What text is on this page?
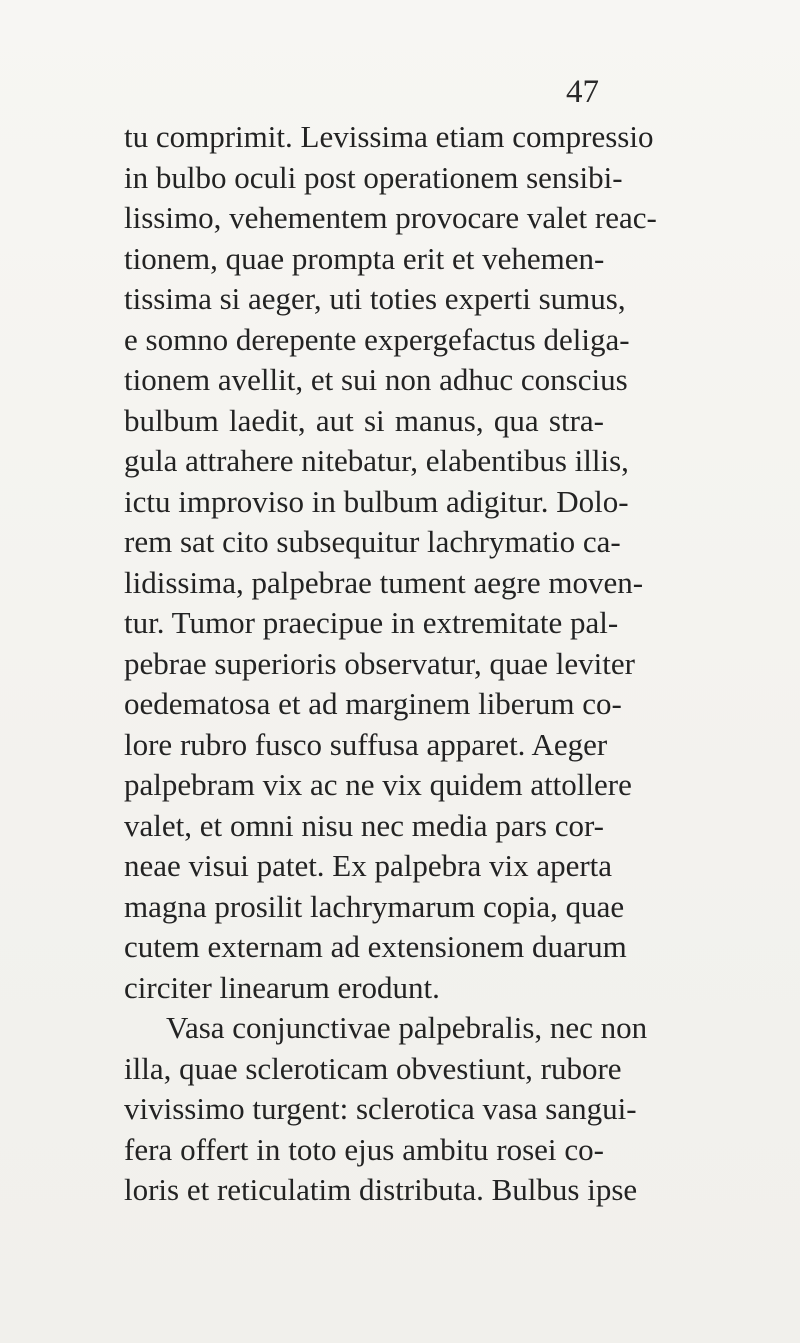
47
tu comprimit. Levissima etiam compressio
in bulbo oculi post operationem sensibi-
lissimo, vehementem provocare valet reac-
tionem, quae prompta erit et vehemen-
tissima si aeger, uti toties experti sumus,
e somno derepente expergefactus deliga-
tionem avellit, et sui non adhuc conscius
bulbum laedit, aut si manus, qua stra-
gula attrahere nitebatur, elabentibus illis,
ictu improviso in bulbum adigitur. Dolo-
rem sat cito subsequitur lachrymatio ca-
lidissima, palpebrae tument aegre moven-
tur. Tumor praecipue in extremitate pal-
pebrae superioris observatur, quae leviter
oedematosa et ad marginem liberum co-
lore rubro fusco suffusa apparet. Aeger
palpebram vix ac ne vix quidem attollere
valet, et omni nisu nec media pars cor-
neae visui patet. Ex palpebra vix aperta
magna prosilit lachrymarum copia, quae
cutem externam ad extensionem duarum
circiter linearum erodunt.
Vasa conjunctivae palpebralis, nec non
illa, quae scleroticam obvestiunt, rubore
vivissimo turgent: sclerotica vasa sangui-
fera offert in toto ejus ambitu rosei co-
loris et reticulatim distributa. Bulbus ipse
